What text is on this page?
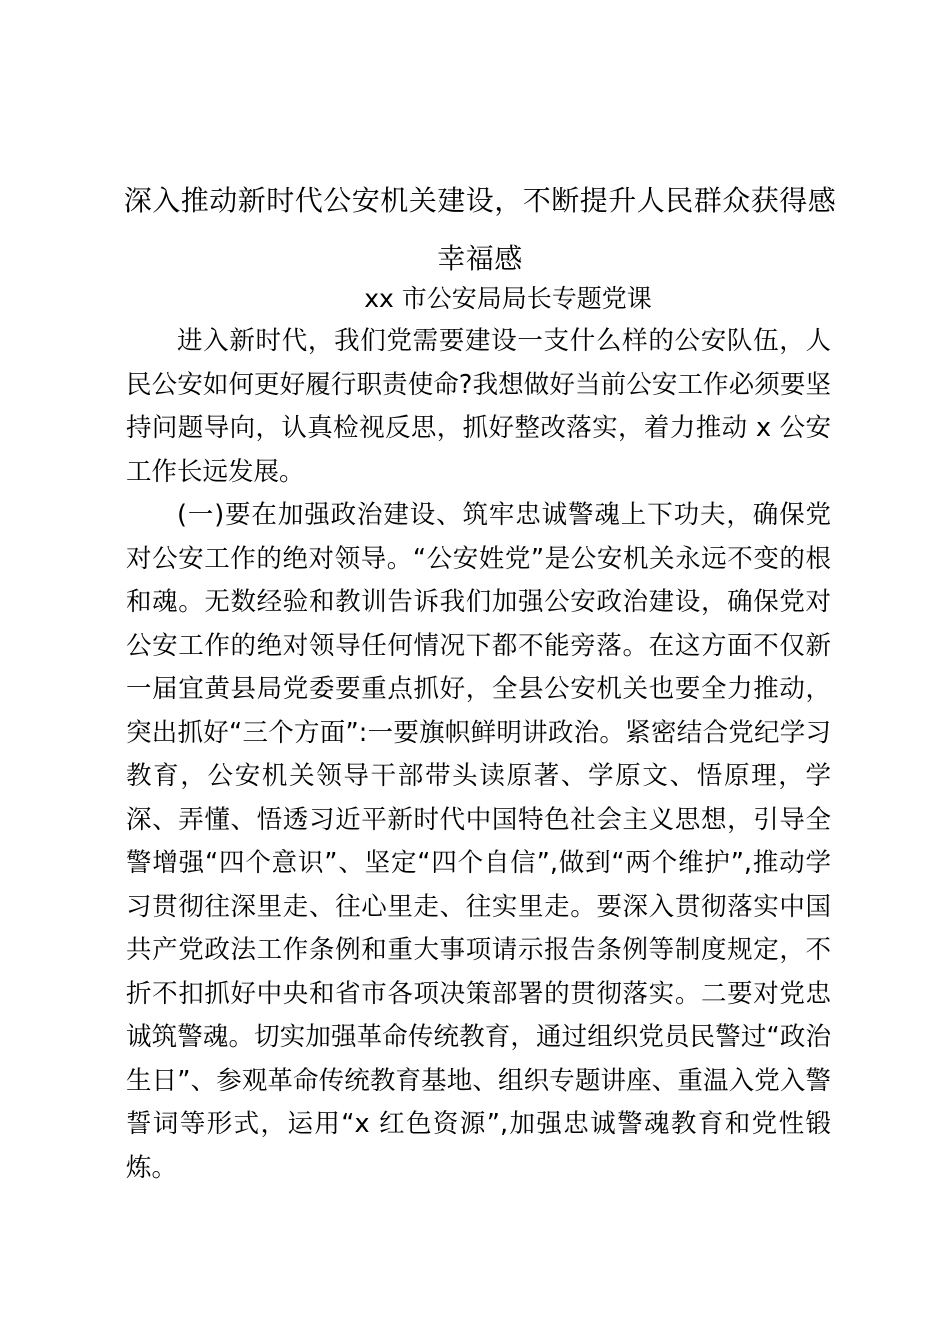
深入推动新时代公安机关建设，不断提升人民群众获得感幸福感
xx 市公安局局长专题党课

进入新时代，我们党需要建设一支什么样的公安队伍，人民公安如何更好履行职责使命?我想做好当前公安工作必须要坚持问题导向，认真检视反思，抓好整改落实，着力推动 x 公安工作长远发展。

(一)要在加强政治建设、筑牢忠诚警魂上下功夫，确保党对公安工作的绝对领导。“公安姓党”是公安机关永远不变的根和魂。无数经验和教训告诉我们加强公安政治建设，确保党对公安工作的绝对领导任何情况下都不能旁落。在这方面不仅新一届宜黄县局党委要重点抓好，全县公安机关也要全力推动，突出抓好“三个方面”:一要旗帜鲜明讲政治。紧密结合党纪学习教育，公安机关领导干部带头读原著、学原文、悟原理，学深、弄懂、悟透习近平新时代中国特色社会主义思想，引导全警增强“四个意识”、坚定“四个自信”,做到“两个维护”,推动学习贯彻往深里走、往心里走、往实里走。要深入贯彻落实中国共产党政法工作条例和重大事项请示报告条例等制度规定，不折不扣抓好中央和省市各项决策部署的贯彻落实。二要对党忠诚筑警魂。切实加强革命传统教育，通过组织党员民警过“政治生日”、参观革命传统教育基地、组织专题讲座、重温入党入警誓词等形式，运用“x 红色资源”,加强忠诚警魂教育和党性锻炼。
